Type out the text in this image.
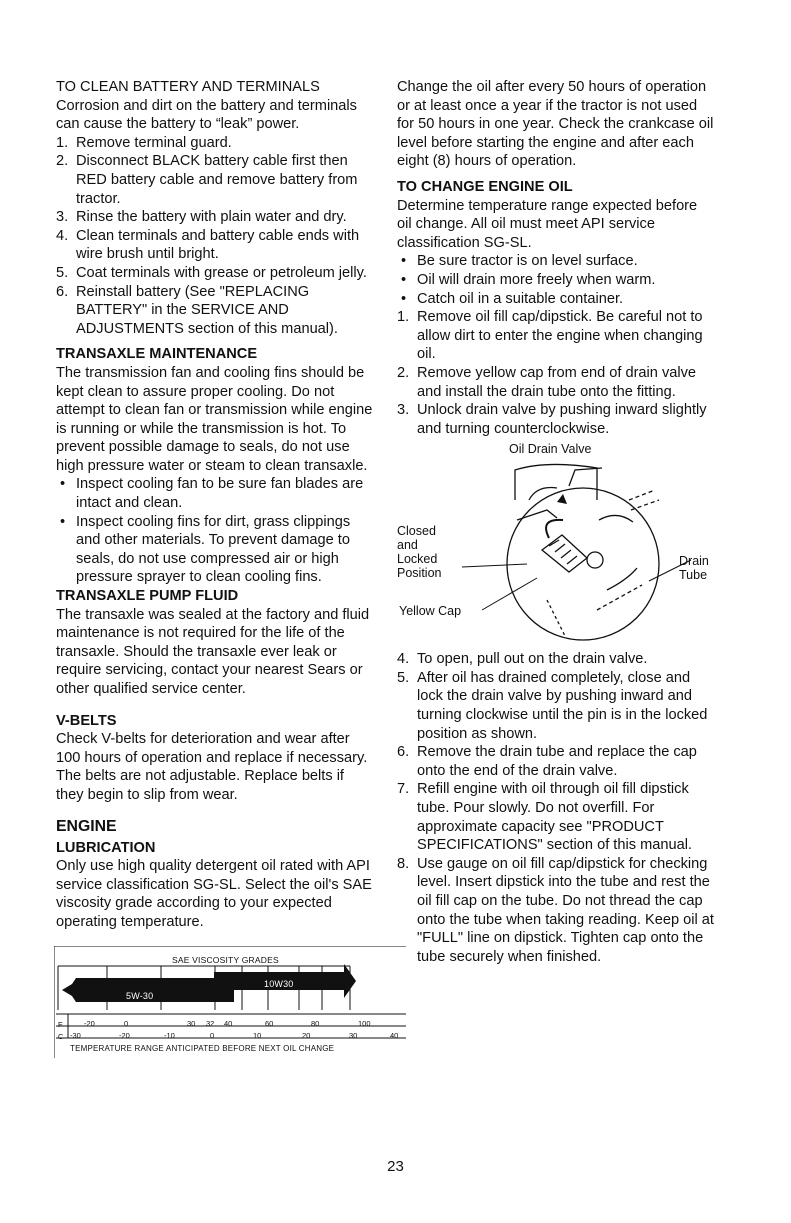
TO CLEAN BATTERY AND TERMINALS

Corrosion and dirt on the battery and terminals can cause the battery to “leak” power.

1. Remove terminal guard.
2. Disconnect BLACK battery cable first then RED battery cable and remove battery from tractor.
3. Rinse the battery with plain water and dry.
4. Clean terminals and battery cable ends with wire brush until bright.
5. Coat terminals with grease or petroleum jelly.
6. Reinstall battery (See "REPLACING BATTERY" in the SERVICE AND ADJUSTMENTS section of this manual).
TRANSAXLE MAINTENANCE

The transmission fan and cooling fins should be kept clean to assure proper cooling. Do not attempt to clean fan or transmission while engine is running or while the transmission is hot. To prevent possible damage to seals, do not use high pressure water or steam to clean transaxle.

• Inspect cooling fan to be sure fan blades are intact and clean.
• Inspect cooling fins for dirt, grass clippings and other materials. To prevent damage to seals, do not use compressed air or high pressure sprayer to clean cooling fins.
TRANSAXLE PUMP FLUID

The transaxle was sealed at the factory and fluid maintenance is not required for the life of the transaxle. Should the transaxle ever leak or require servicing, contact your nearest Sears or other qualified service center.

V-BELTS

Check V-belts for deterioration and wear after 100 hours of operation and replace if necessary. The belts are not adjustable. Replace belts if they begin to slip from wear.

ENGINE
LUBRICATION

Only use high quality detergent oil rated with API service classification SG-SL. Select the oil's SAE viscosity grade according to your expected operating temperature.

SAE VISCOSITY GRADES
5W-30
10W30
F
C
-20	0	30 32 40	60	80	100
-30	-20	-10	0	10	20	30	40
TEMPERATURE RANGE ANTICIPATED BEFORE NEXT OIL CHANGE

Change the oil after every 50 hours of operation or at least once a year if the tractor is not used for 50 hours in one year. Check the crankcase oil level before starting the engine and after each eight (8) hours of operation.

TO CHANGE ENGINE OIL

Determine temperature range expected before oil change. All oil must meet API service classification SG-SL.

• Be sure tractor is on level surface.
• Oil will drain more freely when warm.
• Catch oil in a suitable container.
1. Remove oil fill cap/dipstick. Be careful not to allow dirt to enter the engine when changing oil.
2. Remove yellow cap from end of drain valve and install the drain tube onto the fitting.
3. Unlock drain valve by pushing inward slightly and turning counterclockwise.
Oil Drain Valve
Closed and Locked Position
Drain Tube
Yellow Cap
4. To open, pull out on the drain valve.
5. After oil has drained completely, close and lock the drain valve by pushing inward and turning clockwise until the pin is in the locked position as shown.
6. Remove the drain tube and replace the cap onto the end of the drain valve.
7. Refill engine with oil through oil fill dipstick tube. Pour slowly. Do not overfill. For approximate capacity see "PRODUCT SPECIFICATIONS" section of this manual.
8. Use gauge on oil fill cap/dipstick for checking level. Insert dipstick into the tube and rest the oil fill cap on the tube. Do not thread the cap onto the tube when taking reading. Keep oil at "FULL" line on dipstick. Tighten cap onto the tube securely when finished.
23
